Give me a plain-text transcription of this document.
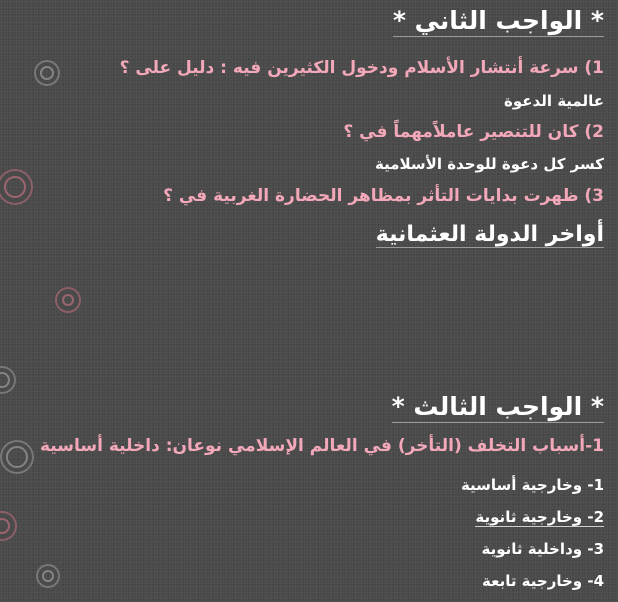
* الواجب الثاني *
1) سرعة أنتشار الأسلام ودخول الكثيرين فيه : دليل على ؟
عالمية الدعوة
2) كان للتنصير عاملاًمهماً في ؟
كسر كل دعوة للوحدة الأسلامية
3) ظهرت بدايات التأثر بمظاهر الحضارة الغربية في ؟
أواخر الدولة العثمانية
* الواجب الثالث *
1-أسباب التخلف (التأخر) في العالم الإسلامي نوعان: داخلية أساسية
1- وخارجية أساسية
2- وخارجية ثانوية
3- وداخلية ثانوية
4- وخارجية تابعة
